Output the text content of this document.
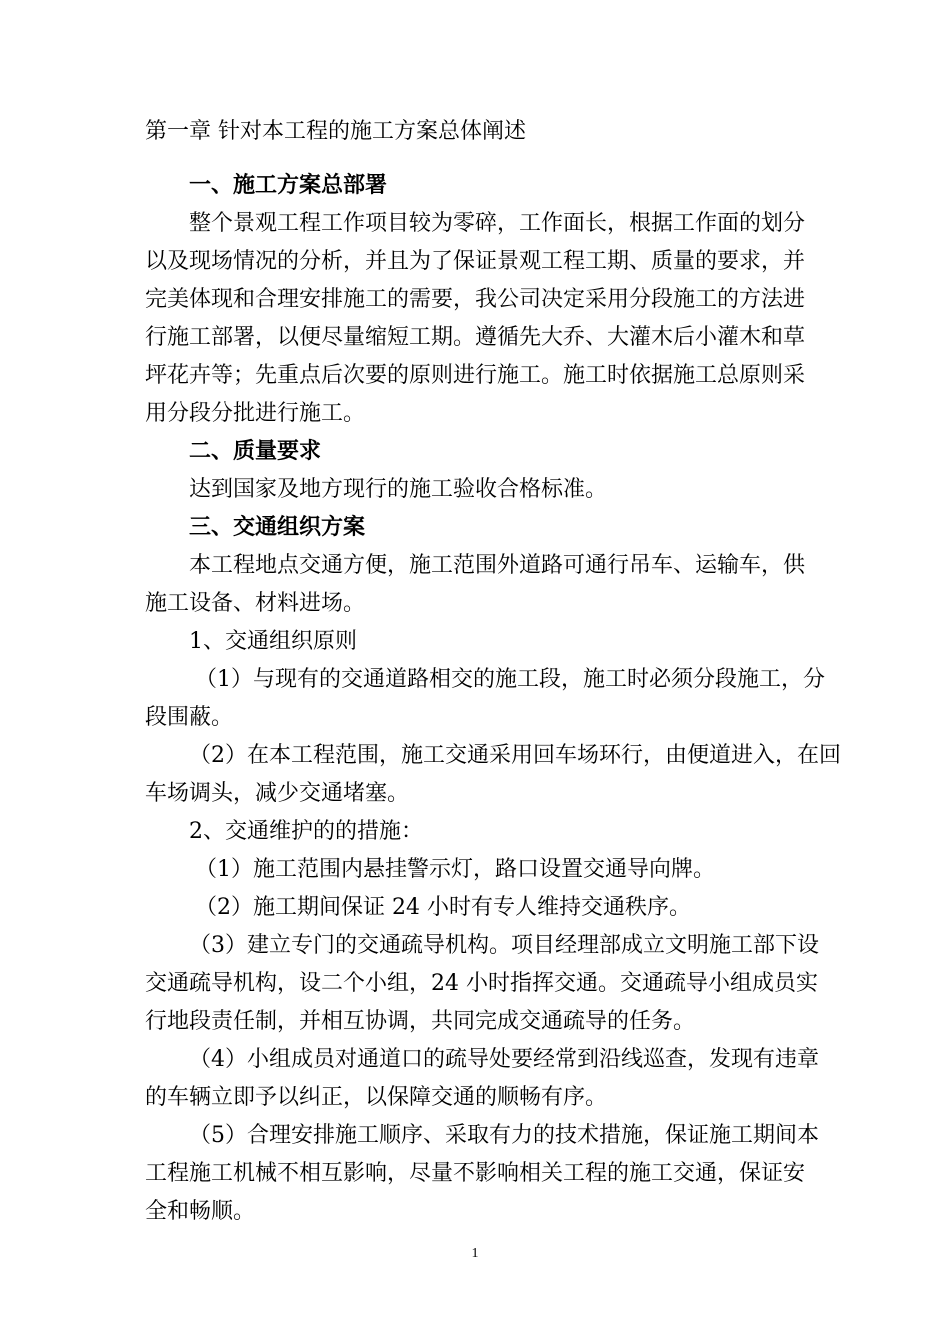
第一章 针对本工程的施工方案总体阐述
一、施工方案总部署
整个景观工程工作项目较为零碎，工作面长，根据工作面的划分
以及现场情况的分析，并且为了保证景观工程工期、质量的要求，并
完美体现和合理安排施工的需要，我公司决定采用分段施工的方法进
行施工部署，以便尽量缩短工期。遵循先大乔、大灌木后小灌木和草
坪花卉等；先重点后次要的原则进行施工。施工时依据施工总原则采
用分段分批进行施工。
二、质量要求
达到国家及地方现行的施工验收合格标准。
三、交通组织方案
本工程地点交通方便，施工范围外道路可通行吊车、运输车，供
施工设备、材料进场。
1、交通组织原则
（1）与现有的交通道路相交的施工段，施工时必须分段施工，分
段围蔽。
（2）在本工程范围，施工交通采用回车场环行，由便道进入，在回
车场调头，减少交通堵塞。
2、交通维护的的措施：
（1）施工范围内悬挂警示灯，路口设置交通导向牌。
（2）施工期间保证 24 小时有专人维持交通秩序。
（3）建立专门的交通疏导机构。项目经理部成立文明施工部下设
交通疏导机构，设二个小组，24 小时指挥交通。交通疏导小组成员实
行地段责任制，并相互协调，共同完成交通疏导的任务。
（4）小组成员对通道口的疏导处要经常到沿线巡查，发现有违章
的车辆立即予以纠正，以保障交通的顺畅有序。
（5）合理安排施工顺序、采取有力的技术措施，保证施工期间本
工程施工机械不相互影响，尽量不影响相关工程的施工交通，保证安
全和畅顺。
1
